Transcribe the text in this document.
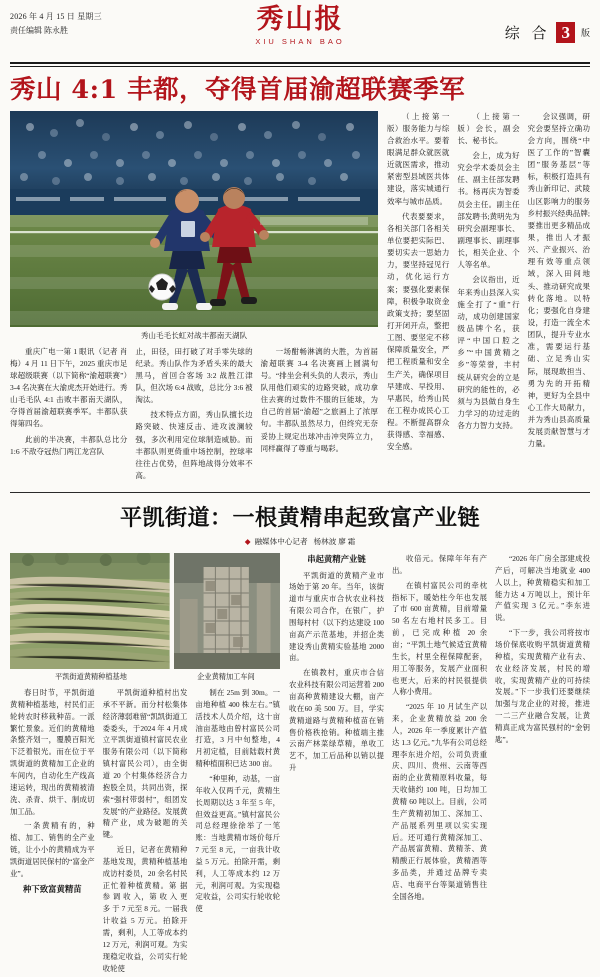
2026 年 4 月 15 日 星期三
责任编辑 陈永胜	秀山报
XIU SHAN BAO	综 合 3	版
秀山 4:1 丰都，夺得首届渝超联赛季军
秀山毛毛长虹对战丰都南天湖队

重庆广电一第 1 眼讯（记者 肖 梅）4 月 11 日下午，2025 重庆市足球超级联赛（以下简称“渝超联赛”）3-4 名决赛在大渝虎杰开始进行。秀山毛毛队 4:1 击败丰都南天湖队，夺得首届渝超联赛季军。丰都队获得第四名。

此前的半决赛，丰都队总比分 1:6 不敌夺冠热门两江龙宫队

止，田径，田打破了对手零失球的纪录。秀山队作为矛盾头来的最大黑马，首回合客场 3:2 战胜江津队，但次场 6:4 战败，总比分 3:6 被淘汰。

技术特点方面，秀山队擅长边路突破、快速反击、进攻波澜较强，多次利用定位球制造威胁。而丰都队则更倚重中场控制，控球率往往占优势，但阵地战得分效率不高。

一场酣畅淋漓的大胜，为首届渝超联赛 3-4 名决赛画上圆满句号。“排坐会利头负的人表示，秀山队用他们顽实的边路突破，成功拿住去赛的过数件不服的巨能球，为自己的首届“渝超”之旅画上了浓厚句。丰都队虽然尽力，但终究无奈妥协上规定出球冲击冲突阵立力，同样赢得了尊重与喝彩。

（上接第一版）服务能力与综合救治水平。要着眼满足群众就医就近就医需求，推动紧密型县域医共体建设，落实城通行效率与城市品质。

代表要要求，各相关部门各相关单位要把实际巴、要切实去一思始力力，要坚持冠见行动，优化运行方案；要强化要素保障，积极争取资金政策支持；要坚固打开闭开点，整把工图、要坚定不移保障质量安全，严把工程质量和安全生产关，确保项目早建成、早投用、早惠民，给秀山民在工程办成民心工程。不断提高群众获得感、幸福感、安全感。

（上接第一版）会长，副会长、秘书长。

会上，成为好究会学术委员会主任、副主任部发聘书。杨再庆为智委员会主任。副主任部发聘书;黄明先为研究会副理事长、副理事长、副理事长，相关企业、个人等名单。

会议指出，近年来秀山县深入实施全打了“重”行动，成功创建国家级品牌个名，获评“中国口腔之乡”“中国黄精之乡”等荣誉，丰村统从研究会的立是研究的能性的，必须与为县做自身生力学习的功过走的各方力智力支持。

会议强调，研究会要坚持立确功会方向，围绕“中医了工作的”智囊团”服务基层”等标，积极打造具有秀山新印记、武陵山区影响力的服务乡村振兴经典品牌;要推出更多精品成果，推出人才振兴、产业振兴、治理有效等重点领域，深入田间地头、推动研究成果转化落地。以特化；要强化自身建设，打造一流全术团队，提升专业水准，需要运行基础、立足秀山实际，展现敢担当、勇为先的开拓精神，更好为全县中心工作大局献力，并为秀山县高质量发展贡献智慧与才力量。

平凯街道：一根黄精串起致富产业链
◆ 融媒体中心记者 杨林波 廖 霜
平凯街道黄精种植基地	企业黄精加工车间

春日时节，平凯街道黄精种植基地，村民们正轮转农时移栽种苗。一派繁忙景象。近们的黄精地条整齐划一，覆膜百阳光下泛着银光。而在位于平凯街道的黄精加工企业的车间内，自动化生产线高速运转，现出的黄精被清洗、杀青、烘干、制成切加工品。

一条黄精有的，种植、加工、销售的全产业链，让小小的黄精成为平凯街道居民保村的“富金产业”。

种下致富黄精苗

平凯街道种植村出发承不平新。而分村松集体经济薄弱难留“凯凯街道工委委头，于2024 年 4 月成立平凯街道镇村富民农业服务有限公司（以下简称镇村富民公司），由全街道 20 个村集体经济合力抱股全员，共同出资，探索“强村带弱村”，组团发发展”的产业路径。发展黄精产业，成为破题的关键。

近日，记者在黄精种基地发现，黄精种植基地成访村委员，20 余名村民正忙着种植黄精。第 据 参 调 收 入，第 收 入 更 多 于 7 元至 8 元。一届我计收益 5 万元。拍除开需，剩利，人工等成本约 12 万元，利润可观。为实现稳定收益，公司实行轮收轮使

制在 25m 到 30m。一亩地种植 400 株左右。”镇活技术人员介绍，这十亩油亩基地由曾村富民公司打造，3 月中旬整地，4 月初定植，目前陆载村黄精种植面积已达 300 亩。

“种里种，动基，一亩年收入仅两千元，黄精生长周期以达 3 年至 5 年，但效益更高。”镇村富民公司总经理徐徐举了一笔账：当地黄精市场价每斤 7 元至 8 元，一亩我计收益 5 万元。拍除开需，剩利，人工等成本约 12 万元，利润可观。为实现稳定收益，公司实行轮收轮使

串起黄精产业链

平凯街道的黄精产业市场始于第 20 年。当年，该街道市与重庆市合伙农业科技有限公司合作，在银广，护围每村村（以下约达建设 100 亩高产示范基地，并招企类建设秀山黄精实验基地 2000 亩。

在镇教村，重庆市合信农业科技有限公司运营着 200 亩高种黄精建设大棚，亩产收在60 美 500 万。目，学实黄精道路与黄精种植苗在销售价格秩抢销。种植端主推云南产林菜绿草精，单收工艺不，加工后品种以销以提升

收倍元。保障年年有产出。

在镇村富民公司的牵枕指标下，暖始柱今年也发展了市 600 亩黄精，目前增量 50 名左右地村民多工。目前，已完成种植 20 余亩；“平凯土地气候适宜黄精生长，村里全程保障配套，用工等服务，发展产业面积也更大，后来的村民很提供人称小费用。

“2025 年 10 月试生产以来，企业黄精放益 200 余人，2026 年一季度累计产值达 1.3 亿元。”九华有公司总经理李东进介绍，公司负责重庆、四川、贵州、云南等西南的企业黄精原料收量，每天收储约 100 吨，日均加工黄精 60 吨以上。目前，公司生产黄精初加工、深加工、产品展系列里项以实实现后。还可通行黄精深加工、产品展富黄精、黄精茶、黄精酸正行展体验，黄精酒等多品类，并通过品牌专卖店、电商平台等渠道销售往全国各地。

“2026 年广房全部建成投产后，可解决当地就业 400 人以上，种黄精稳实和加工能力达 4 万吨以上，预计年产值实现 3 亿元。”李东进说。

“下一步，我公司将按市场价保底收购平凯街道黄精种植，实现黄精产业有去、农业经济发展，村民的增收，实现黄精产业的可持续发展。”下一步我们还要继续加强与龙企业的对接，推进一二三产业融合发展，让黄精真正成为富民强村的“金钥匙”。
